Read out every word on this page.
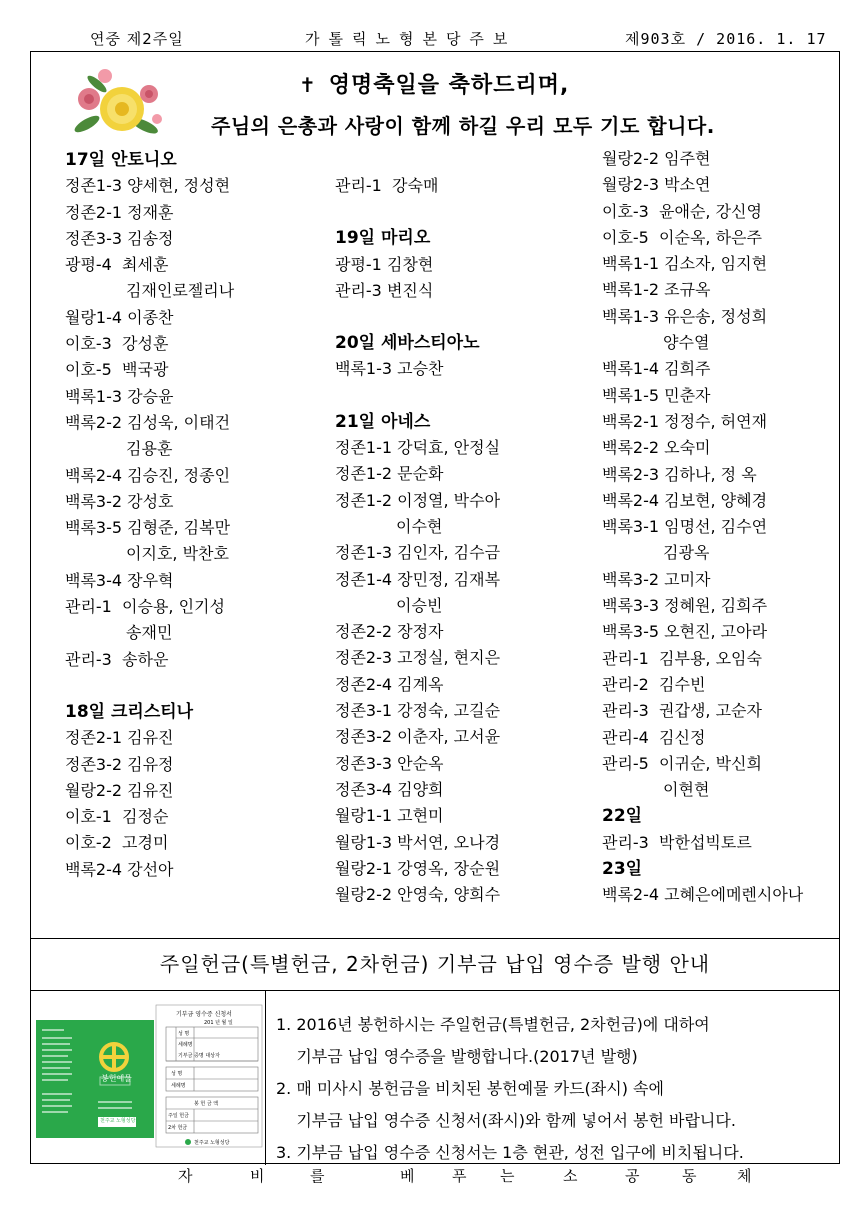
연중 제2주일	가톨릭노형본당주보	제903호 / 2016. 1. 17
✝ 영명축일을 축하드리며,
주님의 은총과 사랑이 함께 하길 우리 모두 기도 합니다.
17일 안토니오
정존1-3 양세현, 정성현
정존2-1 정재훈
정존3-3 김송정
광평-4  최세훈
김재인로젤리나
월랑1-4 이종찬
이호-3  강성훈
이호-5  백국광
백록1-3 강승윤
백록2-2 김성욱, 이태건
김용훈
백록2-4 김승진, 정종인
백록3-2 강성호
백록3-5 김형준, 김복만
이지호, 박찬호
백록3-4 장우혁
관리-1  이승용, 인기성
송재민
관리-3  송하운
18일 크리스티나
정존2-1 김유진
정존3-2 김유정
월랑2-2 김유진
이호-1  김정순
이호-2  고경미
백록2-4 강선아
관리-1  강숙매
19일 마리오
광평-1 김창현
관리-3 변진식
20일 세바스티아노
백록1-3 고승찬
21일 아네스
정존1-1 강덕효, 안정실
정존1-2 문순화
정존1-2 이정열, 박수아
이수현
정존1-3 김인자, 김수금
정존1-4 장민정, 김재복
이승빈
정존2-2 장정자
정존2-3 고정실, 현지은
정존2-4 김계옥
정존3-1 강정숙, 고길순
정존3-2 이춘자, 고서윤
정존3-3 안순옥
정존3-4 김양희
월랑1-1 고현미
월랑1-3 박서연, 오나경
월랑2-1 강영옥, 장순원
월랑2-2 안영숙, 양희수
월랑2-2 임주현
월랑2-3 박소연
이호-3  윤애순, 강신영
이호-5  이순옥, 하은주
백록1-1 김소자, 임지현
백록1-2 조규옥
백록1-3 유은송, 정성희
양수열
백록1-4 김희주
백록1-5 민춘자
백록2-1 정정수, 허연재
백록2-2 오숙미
백록2-3 김하나, 정 옥
백록2-4 김보현, 양혜경
백록3-1 임명선, 김수연
김광옥
백록3-2 고미자
백록3-3 정혜원, 김희주
백록3-5 오현진, 고아라
관리-1  김부용, 오임숙
관리-2  김수빈
관리-3  권갑생, 고순자
관리-4  김신정
관리-5  이귀순, 박신희
이현현
22일
관리-3  박한섭빅토르
23일
백록2-4 고혜은에메렌시아나
주일헌금(특별헌금, 2차헌금) 기부금 납입 영수증 발행 안내
봉헌예물
천주교 노형성당
기부금 영수증 신청서
201 년 월 일
성 명
세례명
기부금 증명 대상자
성 명
세례명
봉 헌 금 액
주일 헌금
2차 헌금
천주교 노형성당
1. 2016년 봉헌하시는 주일헌금(특별헌금, 2차헌금)에 대하여
기부금 납입 영수증을 발행합니다.(2017년 발행)
2. 매 미사시 봉헌금을 비치된 봉헌예물 카드(좌시) 속에
기부금 납입 영수증 신청서(좌시)와 함께 넣어서 봉헌 바랍니다.
3. 기부금 납입 영수증 신청서는 1층 현관, 성전 입구에 비치됩니다.
자	비	를	베	푸 는	소	공	동	체
